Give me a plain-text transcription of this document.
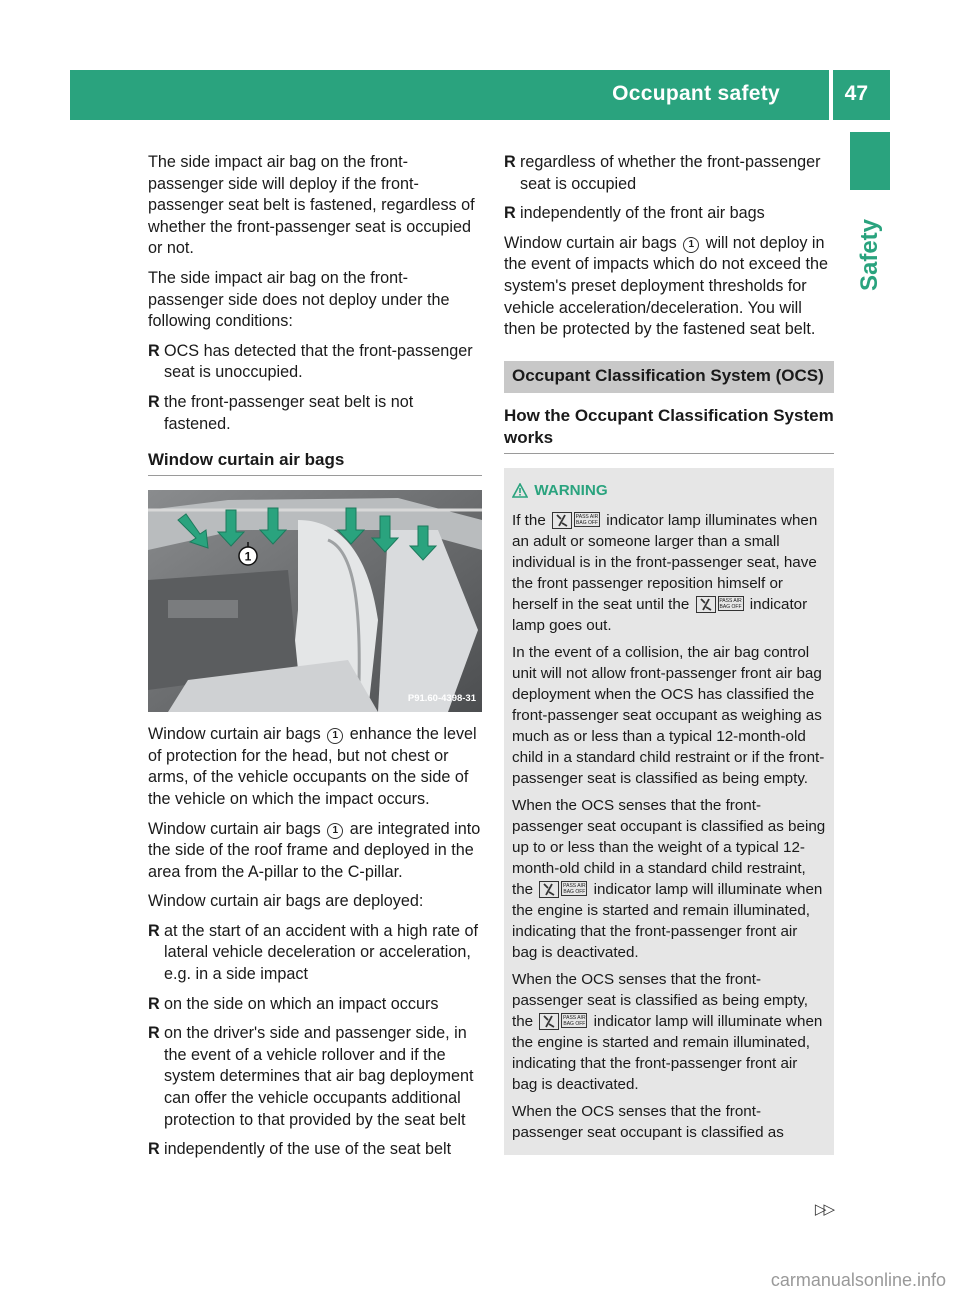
Occupant safety	47
Safety

The side impact air bag on the front-passenger side will deploy if the front-passenger seat belt is fastened, regardless of whether the front-passenger seat is occupied or not.

The side impact air bag on the front-passenger side does not deploy under the following conditions:

R OCS has detected that the front-passenger seat is unoccupied.
R the front-passenger seat belt is not fastened.
Window curtain air bags
1
P91.60-4398-31

Window curtain air bags 1 enhance the level of protection for the head, but not chest or arms, of the vehicle occupants on the side of the vehicle on which the impact occurs.

Window curtain air bags 1 are integrated into the side of the roof frame and deployed in the area from the A-pillar to the C-pillar.

Window curtain air bags are deployed:

R at the start of an accident with a high rate of lateral vehicle deceleration or acceleration, e.g. in a side impact
R on the side on which an impact occurs
R on the driver's side and passenger side, in the event of a vehicle rollover and if the system determines that air bag deployment can offer the vehicle occupants additional protection to that provided by the seat belt
R independently of the use of the seat belt
R regardless of whether the front-passenger seat is occupied
R independently of the front air bags

Window curtain air bags 1 will not deploy in the event of impacts which do not exceed the system's preset deployment thresholds for vehicle acceleration/deceleration. You will then be protected by the fastened seat belt.

Occupant Classification System (OCS)
How the Occupant Classification System works
WARNING

If the	PASS AIR BAG OFF indicator lamp illuminates when an adult or someone larger than a small individual is in the front-passenger seat, have the front passenger reposition himself or herself in the seat until the	PASS AIR BAG OFF indicator lamp goes out.

In the event of a collision, the air bag control unit will not allow front-passenger front air bag deployment when the OCS has classified the front-passenger seat occupant as weighing as much as or less than a typical 12-month-old child in a standard child restraint or if the front-passenger seat is classified as being empty.

When the OCS senses that the front-passenger seat occupant is classified as being up to or less than the weight of a typical 12-month-old child in a standard child restraint, the	PASS AIR BAG OFF indicator lamp will illuminate when the engine is started and remain illuminated, indicating that the front-passenger front air bag is deactivated.

When the OCS senses that the front-passenger seat is classified as being empty, the	PASS AIR BAG OFF indicator lamp will illuminate when the engine is started and remain illuminated, indicating that the front-passenger front air bag is deactivated.

When the OCS senses that the front-passenger seat occupant is classified as

▷▷
carmanualsonline.info
